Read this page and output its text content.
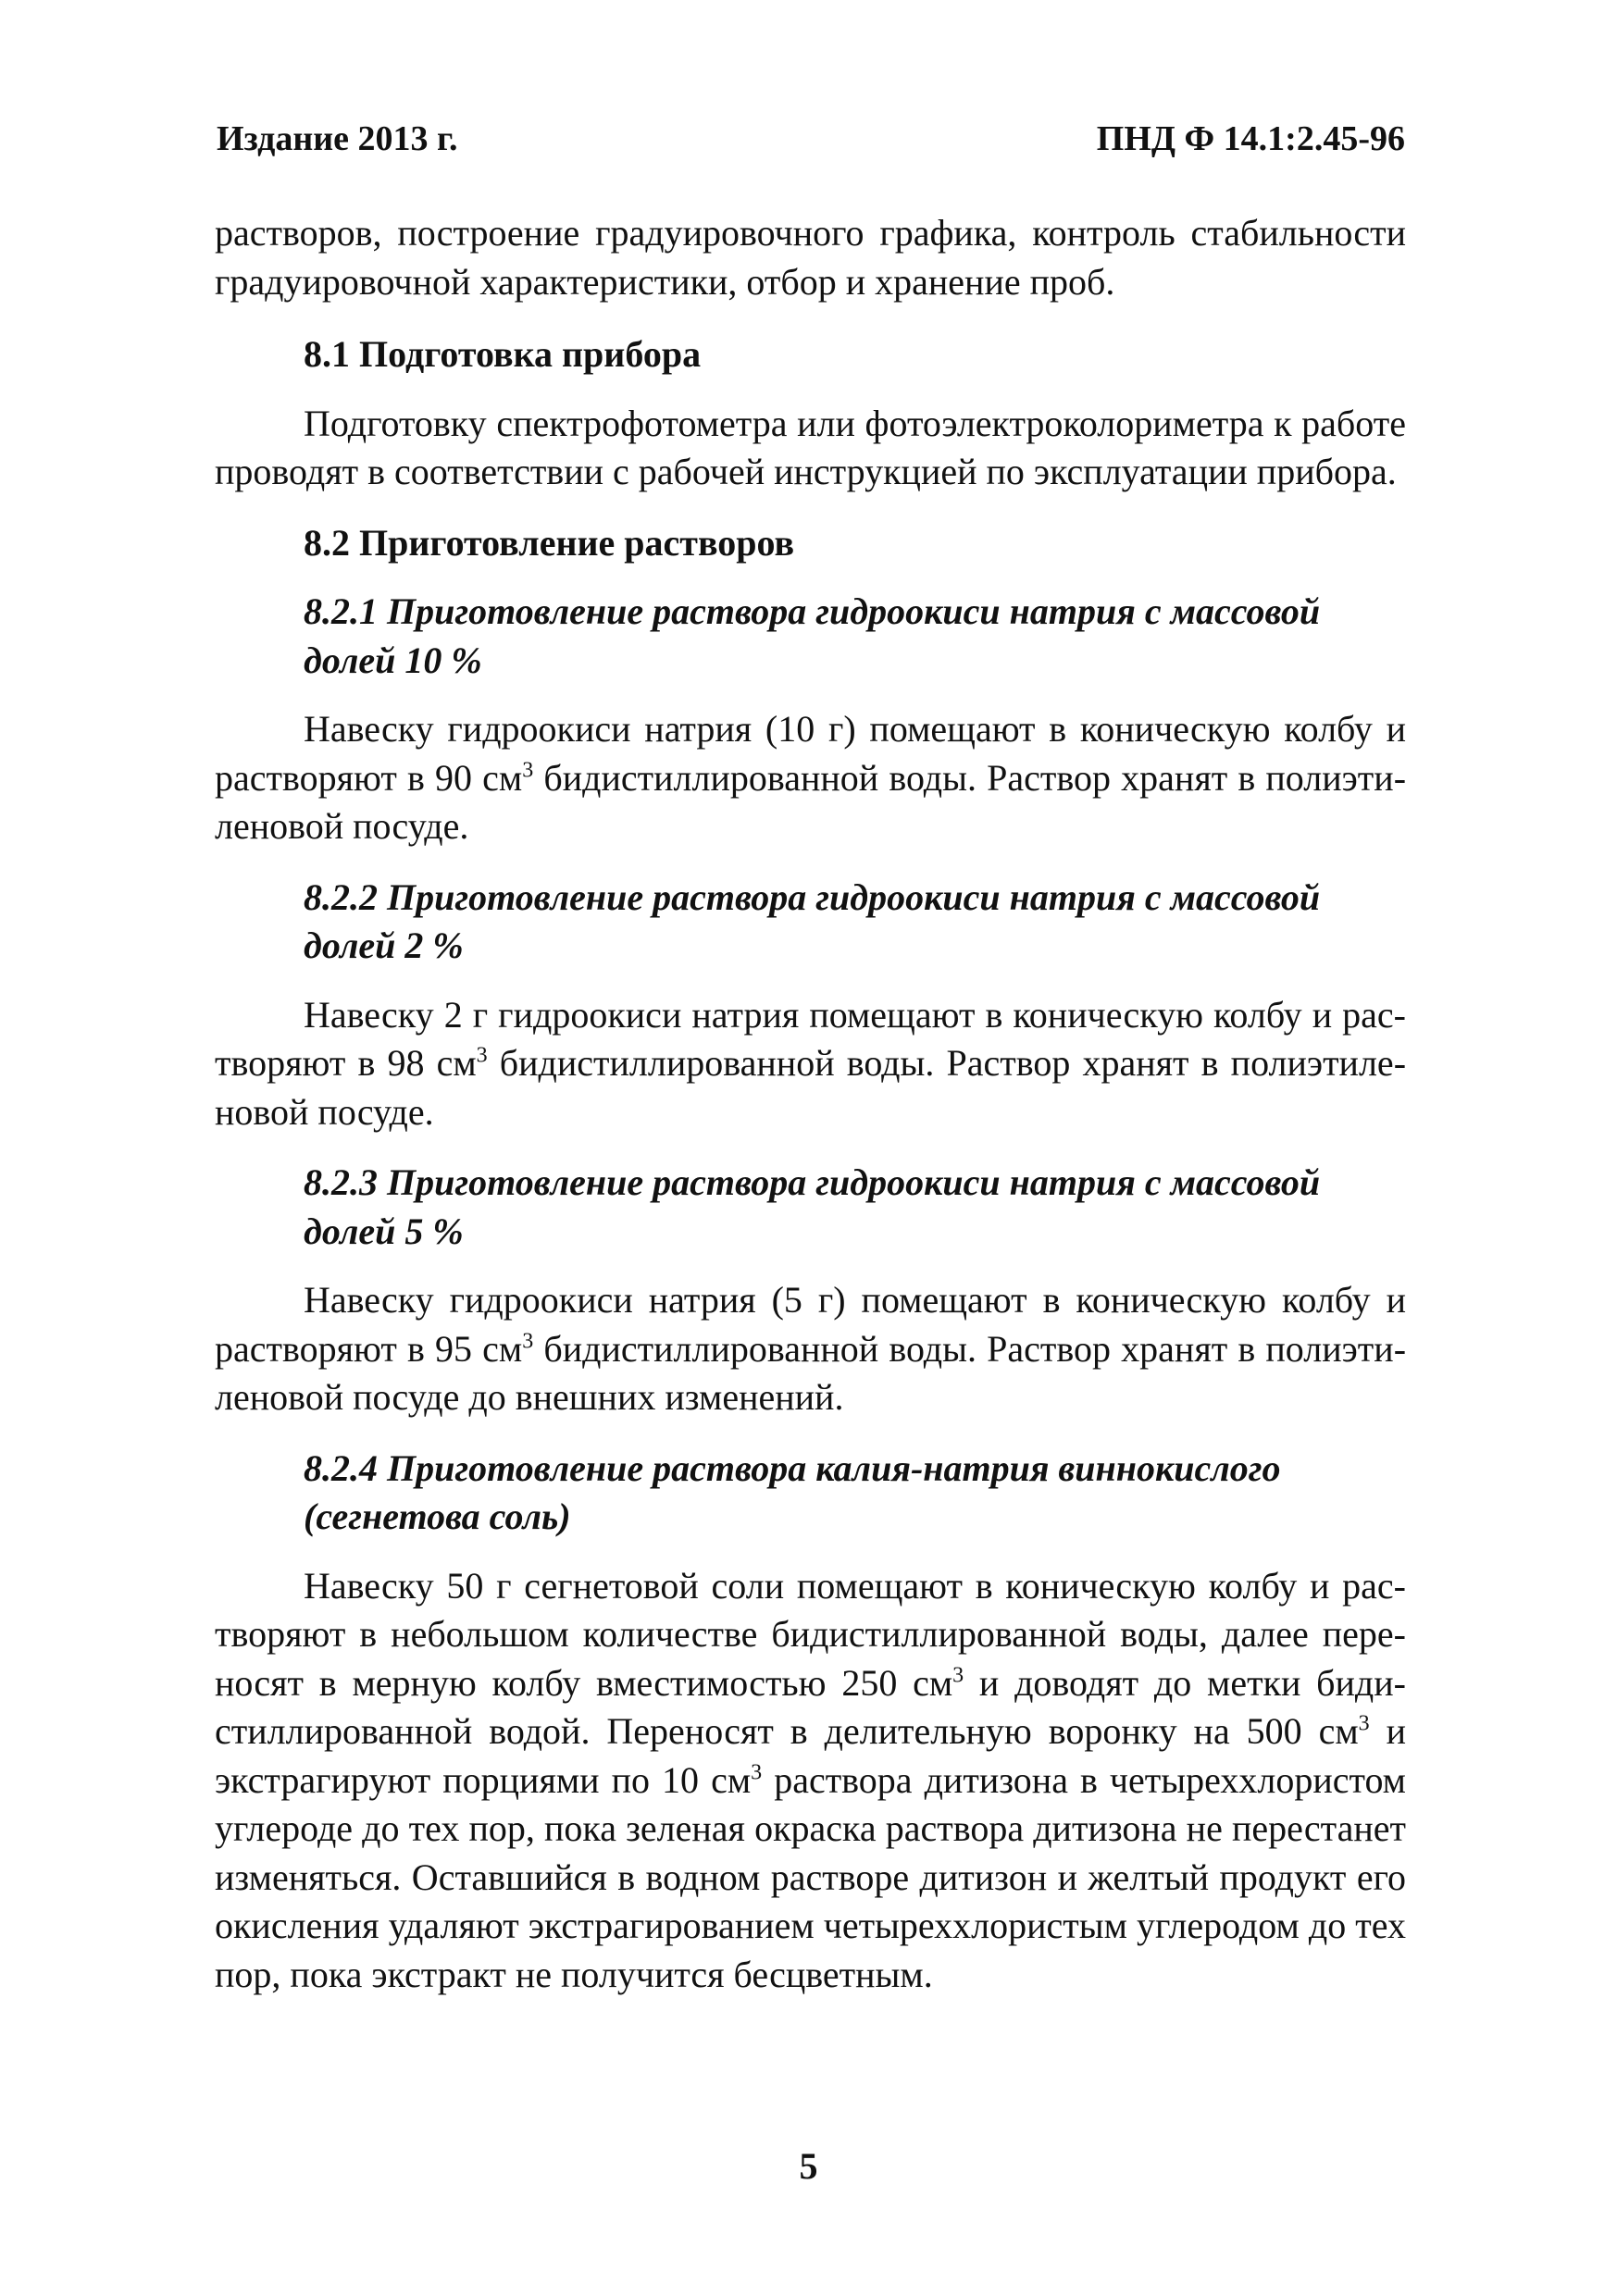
Издание 2013 г.	ПНД Ф 14.1:2.45-96

растворов, построение градуировочного графика, контроль стабильности градуировочной характеристики, отбор и хранение проб.

8.1 Подготовка прибора

Подготовку спектрофотометра или фотоэлектроколориметра к работе проводят в соответствии с рабочей инструкцией по эксплуатации прибора.

8.2 Приготовление растворов
8.2.1 Приготовление раствора гидроокиси натрия с массовой долей 10 %

Навеску гидроокиси натрия (10 г) помещают в коническую колбу и растворяют в 90 $см^3$ бидистиллированной воды. Раствор хранят в полиэтиленовой посуде.

8.2.2 Приготовление раствора гидроокиси натрия с массовой долей 2 %

Навеску 2 г гидроокиси натрия помещают в коническую колбу и растворяют в 98 $см^3$ бидистиллированной воды. Раствор хранят в полиэтиленовой посуде.

8.2.3 Приготовление раствора гидроокиси натрия с массовой долей 5 %

Навеску гидроокиси натрия (5 г) помещают в коническую колбу и растворяют в 95 $см^3$ бидистиллированной воды. Раствор хранят в полиэтиленовой посуде до внешних изменений.

8.2.4 Приготовление раствора калия-натрия виннокислого (сегнетова соль)

Навеску 50 г сегнетовой соли помещают в коническую колбу и растворяют в небольшом количестве бидистиллированной воды, далее переносят в мерную колбу вместимостью 250 $см^3$ и доводят до метки бидистиллированной водой. Переносят в делительную воронку на 500 $см^3$ и экстрагируют порциями по 10 $см^3$ раствора дитизона в четыреххлористом углероде до тех пор, пока зеленая окраска раствора дитизона не перестанет изменяться. Оставшийся в водном растворе дитизон и желтый продукт его окисления удаляют экстрагированием четыреххлористым углеродом до тех пор, пока экстракт не получится бесцветным.

5
